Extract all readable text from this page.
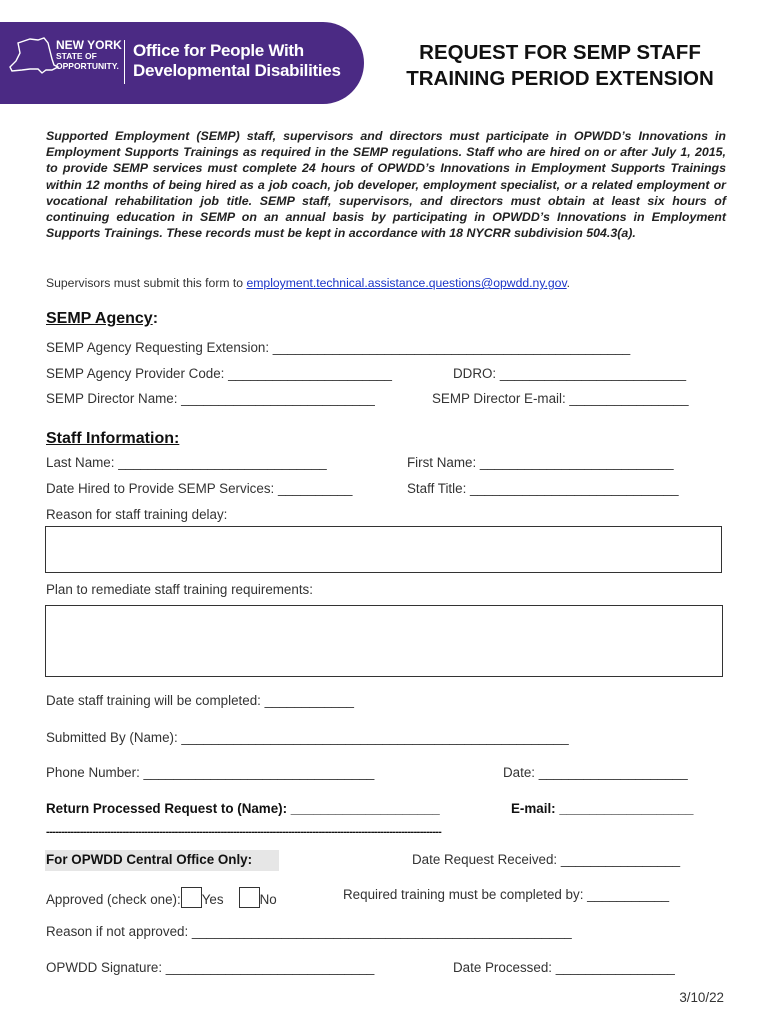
NEW YORK
STATE OF
OPPORTUNITY.
Office for People With
Developmental Disabilities
REQUEST FOR SEMP STAFF
TRAINING PERIOD EXTENSION
Supported Employment (SEMP) staff, supervisors and directors must participate in OPWDD’s Innovations in Employment Supports Trainings as required in the SEMP regulations. Staff who are hired on or after July 1, 2015, to provide SEMP services must complete 24 hours of OPWDD’s Innovations in Employment Supports Trainings within 12 months of being hired as a job coach, job developer, employment specialist, or a related employment or vocational rehabilitation job title. SEMP staff, supervisors, and directors must obtain at least six hours of continuing education in SEMP on an annual basis by participating in OPWDD’s Innovations in Employment Supports Trainings. These records must be kept in accordance with 18 NYCRR subdivision 504.3(a).
Supervisors must submit this form to employment.technical.assistance.questions@opwdd.ny.gov.
SEMP Agency:
SEMP Agency Requesting Extension: ________________________________________________
SEMP Agency Provider Code: ______________________	DDRO: _________________________
SEMP Director Name: __________________________	SEMP Director E-mail: ________________
Staff Information:
Last Name: ____________________________	First Name: __________________________
Date Hired to Provide SEMP Services: __________	Staff Title: ____________________________
Reason for staff training delay:
Plan to remediate staff training requirements:
Date staff training will be completed: ____________
Submitted By (Name): ____________________________________________________
Phone Number: _______________________________	Date: ____________________
Return Processed Request to (Name): ____________________	E-mail: __________________
---------------------------------------------------------------------------------------------------------------------------------
For OPWDD Central Office Only:	Date Request Received: ________________
Approved (check one): Yes	No	Required training must be completed by: ___________
Reason if not approved: ___________________________________________________
OPWDD Signature: ____________________________	Date Processed: ________________
3/10/22
